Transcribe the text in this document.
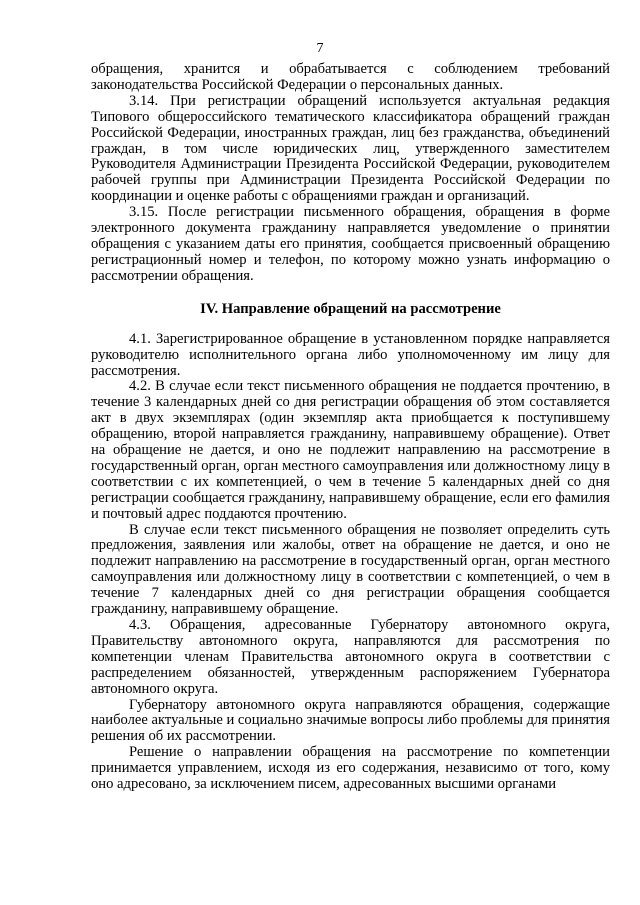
7

обращения, хранится и обрабатывается с соблюдением требований законодательства Российской Федерации о персональных данных.

3.14. При регистрации обращений используется актуальная редакция Типового общероссийского тематического классификатора обращений граждан Российской Федерации, иностранных граждан, лиц без гражданства, объединений граждан, в том числе юридических лиц, утвержденного заместителем Руководителя Администрации Президента Российской Федерации, руководителем рабочей группы при Администрации Президента Российской Федерации по координации и оценке работы с обращениями граждан и организаций.

3.15. После регистрации письменного обращения, обращения в форме электронного документа гражданину направляется уведомление о принятии обращения с указанием даты его принятия, сообщается присвоенный обращению регистрационный номер и телефон, по которому можно узнать информацию о рассмотрении обращения.

IV. Направление обращений на рассмотрение

4.1. Зарегистрированное обращение в установленном порядке направляется руководителю исполнительного органа либо уполномоченному им лицу для рассмотрения.

4.2. В случае если текст письменного обращения не поддается прочтению, в течение 3 календарных дней со дня регистрации обращения об этом составляется акт в двух экземплярах (один экземпляр акта приобщается к поступившему обращению, второй направляется гражданину, направившему обращение). Ответ на обращение не дается, и оно не подлежит направлению на рассмотрение в государственный орган, орган местного самоуправления или должностному лицу в соответствии с их компетенцией, о чем в течение 5 календарных дней со дня регистрации сообщается гражданину, направившему обращение, если его фамилия и почтовый адрес поддаются прочтению.

В случае если текст письменного обращения не позволяет определить суть предложения, заявления или жалобы, ответ на обращение не дается, и оно не подлежит направлению на рассмотрение в государственный орган, орган местного самоуправления или должностному лицу в соответствии с компетенцией, о чем в течение 7 календарных дней со дня регистрации обращения сообщается гражданину, направившему обращение.

4.3. Обращения, адресованные Губернатору автономного округа, Правительству автономного округа, направляются для рассмотрения по компетенции членам Правительства автономного округа в соответствии с распределением обязанностей, утвержденным распоряжением Губернатора автономного округа.

Губернатору автономного округа направляются обращения, содержащие наиболее актуальные и социально значимые вопросы либо проблемы для принятия решения об их рассмотрении.

Решение о направлении обращения на рассмотрение по компетенции принимается управлением, исходя из его содержания, независимо от того, кому оно адресовано, за исключением писем, адресованных высшими органами
